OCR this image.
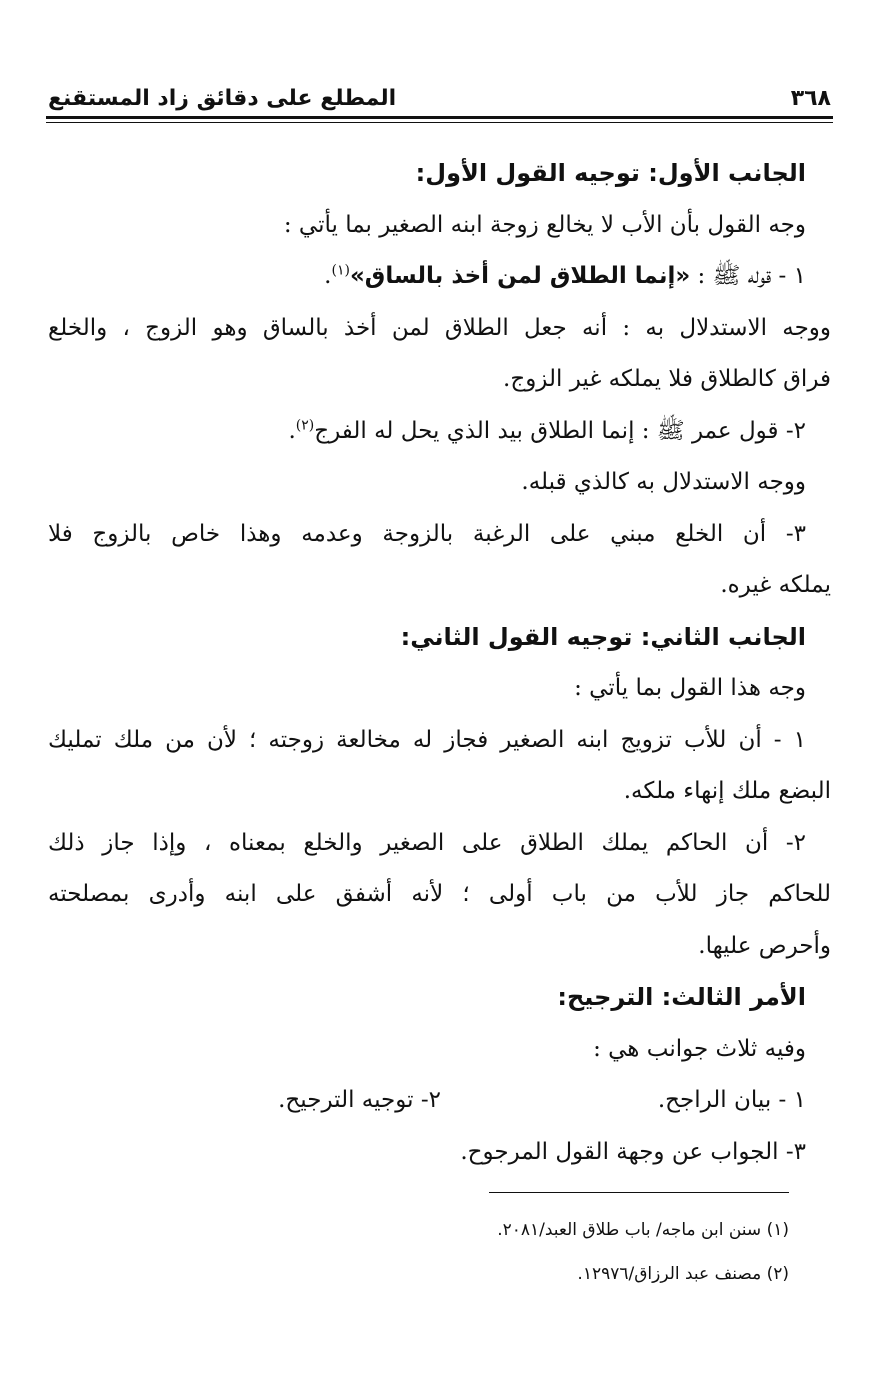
٣٦٨
المطلع على دقائق زاد المستقنع
الجانب الأول: توجيه القول الأول:
وجه القول بأن الأب لا يخالع زوجة ابنه الصغير بما يأتي :
١ - قوله ﷺ : «إنما الطلاق لمن أخذ بالساق»$^{(١)}$.
ووجه الاستدلال به : أنه جعل الطلاق لمن أخذ بالساق وهو الزوج ، والخلع
فراق كالطلاق فلا يملكه غير الزوج.
٢- قول عمر ﷺ : إنما الطلاق بيد الذي يحل له الفرج$^{(٢)}$.
ووجه الاستدلال به كالذي قبله.
٣- أن الخلع مبني على الرغبة بالزوجة وعدمه وهذا خاص بالزوج فلا
يملكه غيره.
الجانب الثاني: توجيه القول الثاني:
وجه هذا القول بما يأتي :
١ - أن للأب تزويج ابنه الصغير فجاز له مخالعة زوجته ؛ لأن من ملك تمليك
البضع ملك إنهاء ملكه.
٢- أن الحاكم يملك الطلاق على الصغير والخلع بمعناه ، وإذا جاز ذلك
للحاكم جاز للأب من باب أولى ؛ لأنه أشفق على ابنه وأدرى بمصلحته
وأحرص عليها.
الأمر الثالث: الترجيح:
وفيه ثلاث جوانب هي :
١ - بيان الراجح.
٢- توجيه الترجيح.
٣- الجواب عن وجهة القول المرجوح.
(١) سنن ابن ماجه/ باب طلاق العبد/٢٠٨١.
(٢) مصنف عبد الرزاق/١٢٩٧٦.
